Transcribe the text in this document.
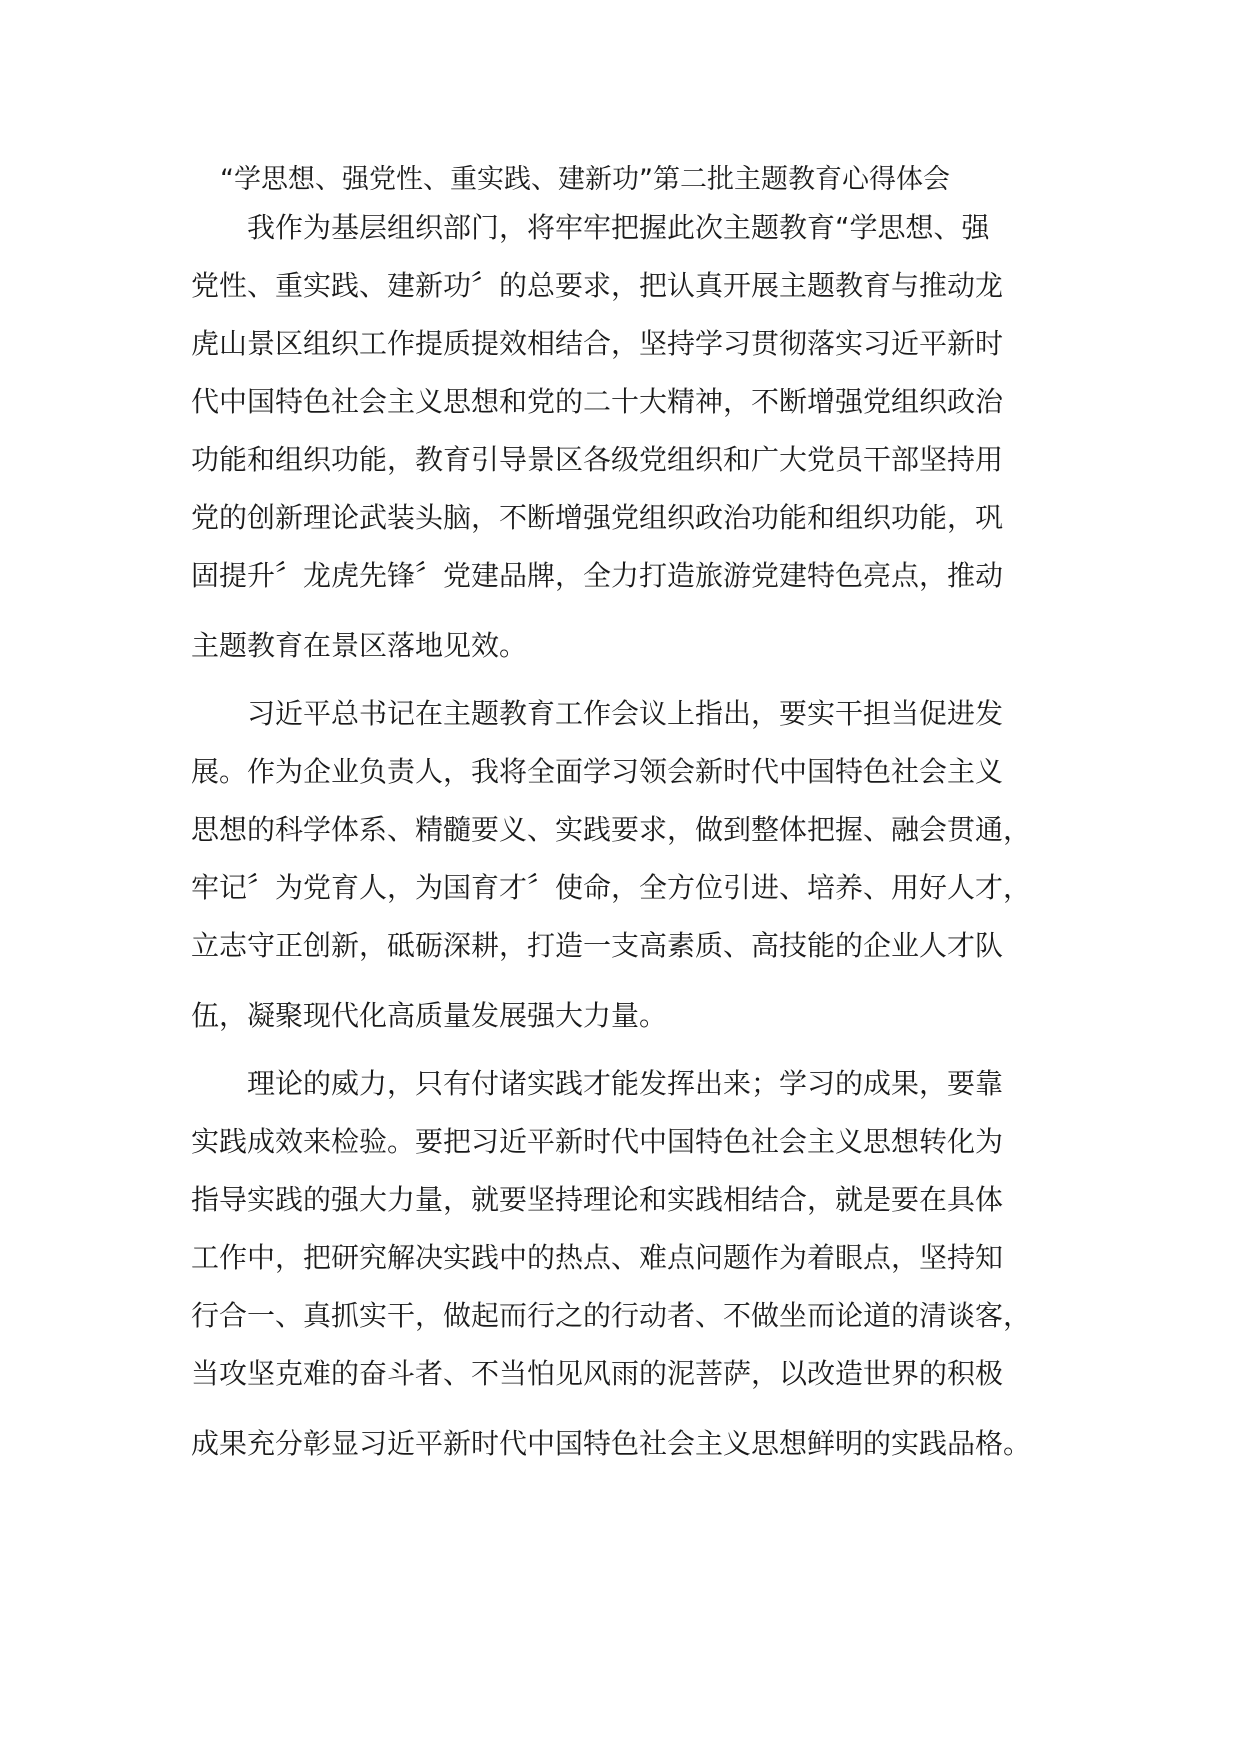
“学思想、强党性、重实践、建新功”第二批主题教育心得体会

我作为基层组织部门，将牢牢把握此次主题教育“学思想、强

党性、重实践、建新功〞的总要求，把认真开展主题教育与推动龙

虎山景区组织工作提质提效相结合，坚持学习贯彻落实习近平新时

代中国特色社会主义思想和党的二十大精神，不断增强党组织政治

功能和组织功能，教育引导景区各级党组织和广大党员干部坚持用

党的创新理论武装头脑，不断增强党组织政治功能和组织功能，巩

固提升〞龙虎先锋〞党建品牌，全力打造旅游党建特色亮点，推动

主题教育在景区落地见效。

习近平总书记在主题教育工作会议上指出，要实干担当促进发

展。作为企业负责人，我将全面学习领会新时代中国特色社会主义

思想的科学体系、精髓要义、实践要求，做到整体把握、融会贯通，

牢记〞为党育人，为国育才〞使命，全方位引进、培养、用好人才，

立志守正创新，砥砺深耕，打造一支高素质、高技能的企业人才队

伍，凝聚现代化高质量发展强大力量。

理论的威力，只有付诸实践才能发挥出来；学习的成果，要靠

实践成效来检验。要把习近平新时代中国特色社会主义思想转化为

指导实践的强大力量，就要坚持理论和实践相结合，就是要在具体

工作中，把研究解决实践中的热点、难点问题作为着眼点，坚持知

行合一、真抓实干，做起而行之的行动者、不做坐而论道的清谈客，

当攻坚克难的奋斗者、不当怕见风雨的泥菩萨，以改造世界的积极

成果充分彰显习近平新时代中国特色社会主义思想鲜明的实践品格。
